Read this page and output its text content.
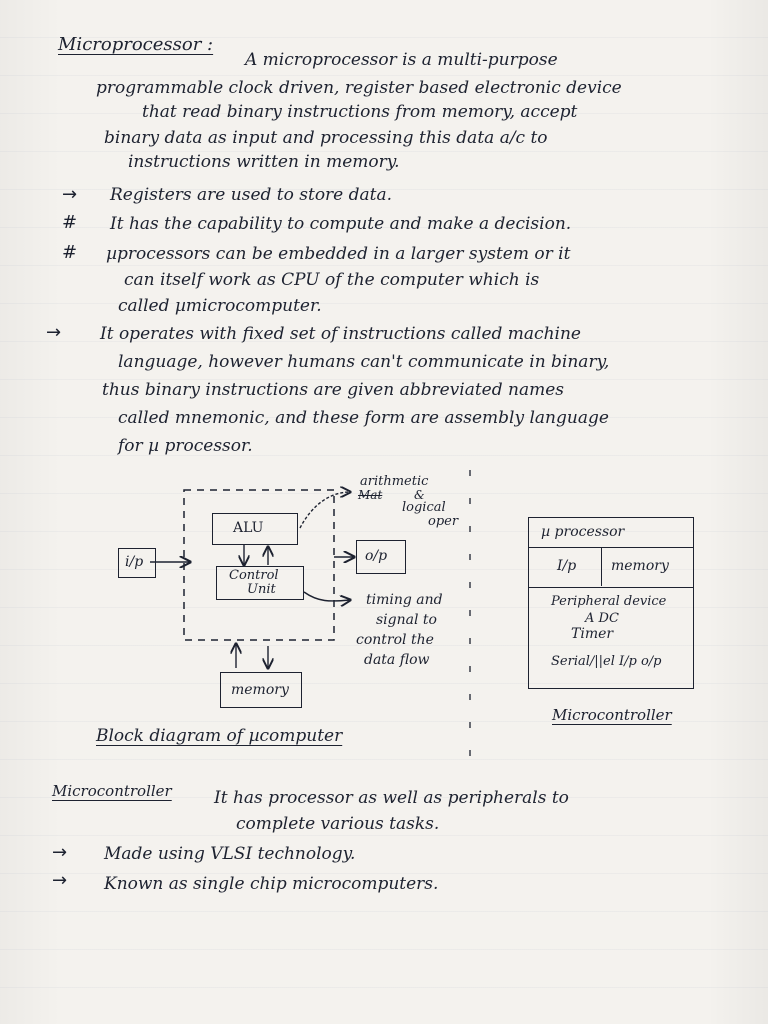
Microprocessor :
A microprocessor is a multi-purpose
programmable clock driven, register based electronic device
that read binary instructions from memory, accept
binary data as input and processing this data a/c to
instructions written in memory.
→ Registers are used to store data.
# It has the capability to compute and make a decision.
# µprocessors can be embedded in a larger system or it
can itself work as CPU of the computer which is
called µmicrocomputer.
→ It operates with fixed set of instructions called machine
language, however humans can't communicate in binary,
thus binary instructions are given abbreviated names
called mnemonic, and these form are assembly language
for µ processor.
i/p
ALU
Control
Unit
o/p
memory
arithmetic
Mat	&
logical
oper
timing and
signal to
control the
data flow
Block diagram of µcomputer
µ processor
I/p memory
Peripheral device
A DC
Timer
Serial/||el I/p o/p
Microcontroller
Microcontroller It has processor as well as peripherals to
complete various tasks.
→ Made using VLSI technology.
→ Known as single chip microcomputers.
